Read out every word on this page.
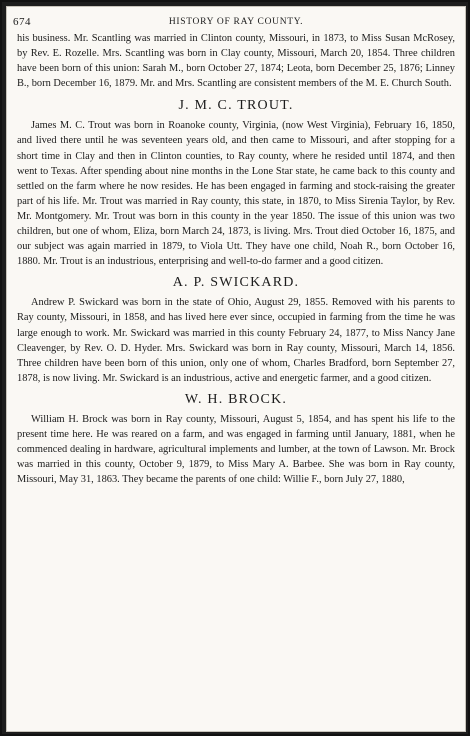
674	HISTORY OF RAY COUNTY.

his business. Mr. Scantling was married in Clinton county, Missouri, in 1873, to Miss Susan McRosey, by Rev. E. Rozelle. Mrs. Scantling was born in Clay county, Missouri, March 20, 1854. Three children have been born of this union: Sarah M., born October 27, 1874; Leota, born December 25, 1876; Linney B., born December 16, 1879. Mr. and Mrs. Scantling are consistent members of the M. E. Church South.

J. M. C. TROUT.

James M. C. Trout was born in Roanoke county, Virginia, (now West Virginia), February 16, 1850, and lived there until he was seventeen years old, and then came to Missouri, and after stopping for a short time in Clay and then in Clinton counties, to Ray county, where he resided until 1874, and then went to Texas. After spending about nine months in the Lone Star state, he came back to this county and settled on the farm where he now resides. He has been engaged in farming and stock-raising the greater part of his life. Mr. Trout was married in Ray county, this state, in 1870, to Miss Sirenia Taylor, by Rev. Mr. Montgomery. Mr. Trout was born in this county in the year 1850. The issue of this union was two children, but one of whom, Eliza, born March 24, 1873, is living. Mrs. Trout died October 16, 1875, and our subject was again married in 1879, to Viola Utt. They have one child, Noah R., born October 16, 1880. Mr. Trout is an industrious, enterprising and well-to-do farmer and a good citizen.

A. P. SWICKARD.

Andrew P. Swickard was born in the state of Ohio, August 29, 1855. Removed with his parents to Ray county, Missouri, in 1858, and has lived here ever since, occupied in farming from the time he was large enough to work. Mr. Swickard was married in this county February 24, 1877, to Miss Nancy Jane Cleavenger, by Rev. O. D. Hyder. Mrs. Swickard was born in Ray county, Missouri, March 14, 1856. Three children have been born of this union, only one of whom, Charles Bradford, born September 27, 1878, is now living. Mr. Swickard is an industrious, active and energetic farmer, and a good citizen.

W. H. BROCK.

William H. Brock was born in Ray county, Missouri, August 5, 1854, and has spent his life to the present time here. He was reared on a farm, and was engaged in farming until January, 1881, when he commenced dealing in hardware, agricultural implements and lumber, at the town of Lawson. Mr. Brock was married in this county, October 9, 1879, to Miss Mary A. Barbee. She was born in Ray county, Missouri, May 31, 1863. They became the parents of one child: Willie F., born July 27, 1880,
